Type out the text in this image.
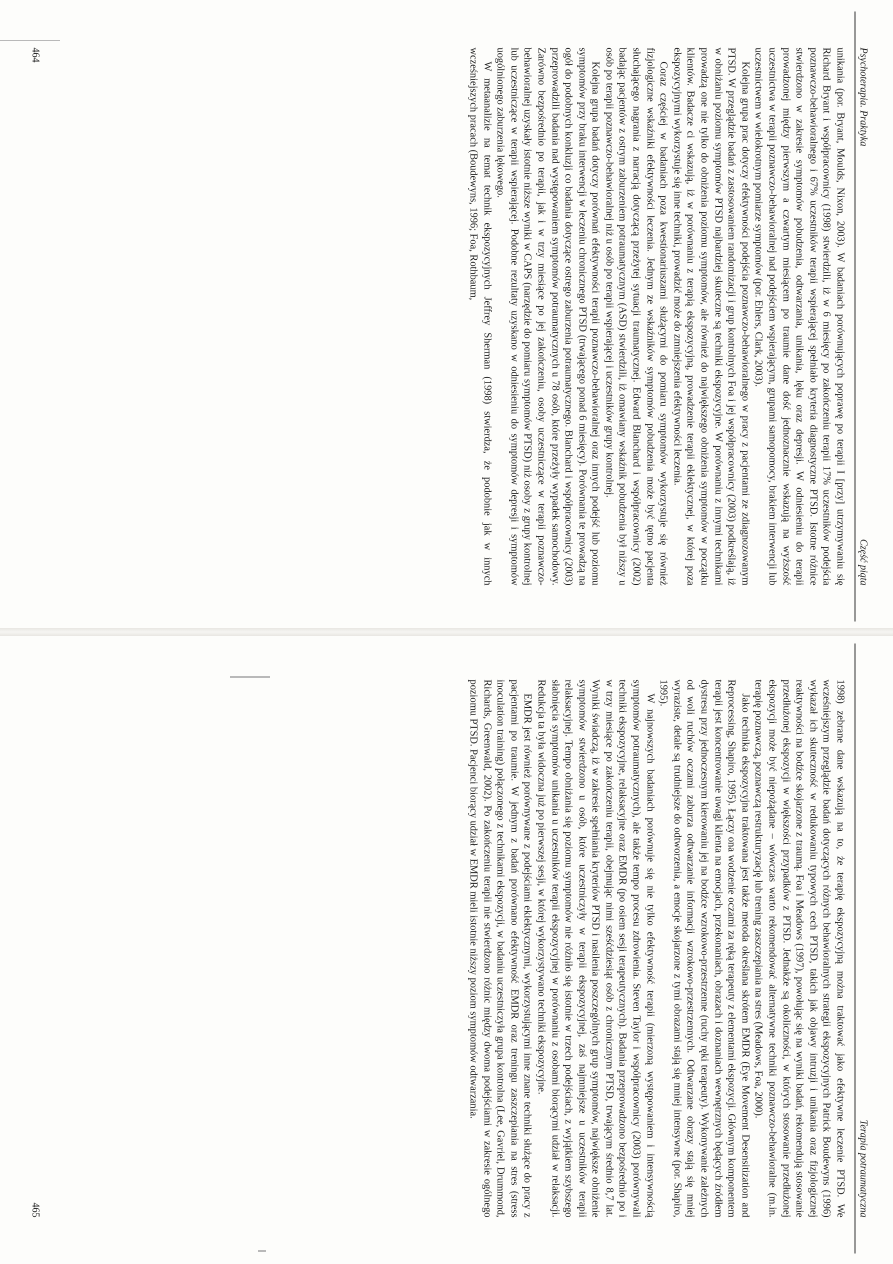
Psychoterapia. Praktyka
Część piąta

unikania (por. Bryant, Moulds, Nixon, 2003). W badaniach porównujących poprawę po terapii I [przy] utrzymywaniu się Richard Bryant i współpracownicy (1998) stwierdzili, iż w 6 miesięcy po zakończeniu terapii 17% uczestników podejścia poznawczo-behawioralnego i 67% uczestników terapii wspierającej spełniało kryteria diagnostyczne PTSD. Istotne różnice stwierdzono w zakresie symptomów pobudzenia, odtwarzania, unikania, lęku oraz depresji. W odniesieniu do terapii prowadzonej między pierwszym a czwartym miesiącem po traumie dane dość jednoznacznie wskazują na wyższość uczestnictwa w terapii poznawczo-behawioralnej nad podejściem wspierającym, grupami samopomocy, brakiem interwencji lub uczestnictwem w wielokrotnym pomiarze symptomów (por. Ehlers, Clark, 2003).

Kolejna grupa prac dotyczy efektywności podejścia poznawczo-behawioralnego w pracy z pacjentami ze zdiagnozowanym PTSD. W przeglądzie badań z zastosowaniem randomizacji i grup kontrolnych Foa i jej współpracownicy (2003) podkreślają, iż w obniżaniu poziomu symptomów PTSD najbardziej skuteczne są techniki ekspozycyjne. W porównaniu z innymi technikami prowadzą one nie tylko do obniżenia poziomu symptomów, ale również do największego obniżenia symptomów w początku klientów. Badacze ci wskazują, iż w porównaniu z terapią ekspozycyjną, prowadzenie terapii eklektycznej, w której poza ekspozycyjnymi wykorzystuje się inne techniki, prowadzić może do zmniejszenia efektywności leczenia.

Coraz częściej w badaniach poza kwestionariuszami służącymi do pomiaru symptomów wykorzystuje się również fizjologiczne wskaźniki efektywności leczenia. Jednym ze wskaźników symptomów pobudzenia może być tętno pacjenta słuchającego nagrania z narracją dotyczącą przeżytej sytuacji traumatycznej. Edward Blanchard i współpracownicy (2002) badając pacjentów z ostrym zaburzeniem potraumatycznym (ASD) stwierdzili, iż omawiany wskaźnik pobudzenia był niższy u osób po terapii poznawczo-behawioralnej niż u osób po terapii wspierającej i uczestników grupy kontrolnej.

Kolejna grupa badań dotyczy porównań efektywności terapii poznawczo-behawioralnej oraz innych podejść lub poziomu symptomów przy braku interwencji w leczeniu chronicznego PTSD (trwającego ponad 6 miesięcy). Porównania te prowadzą na ogół do podobnych konkluzji co badania dotyczące ostrego zaburzenia potraumatycznego. Blanchard i współpracownicy (2003) przeprowadzili badania nad występowaniem symptomów potraumatycznych u 78 osób, które przeżyły wypadek samochodowy. Zarówno bezpośrednio po terapii, jak i w trzy miesiące po jej zakończeniu, osoby uczestniczące w terapii poznawczo-behawioralnej uzyskały istotnie niższe wyniki w CAPS (narzędzie do pomiaru symptomów PTSD) niż osoby z grupy kontrolnej lub uczestniczące w terapii wspierającej. Podobne rezultaty uzyskano w odniesieniu do symptomów depresji i symptomów uogólnionego zaburzenia lękowego.

W metaanalizie na temat technik ekspozycyjnych Jeffrey Sherman (1998) stwierdza, że podobnie jak w innych wcześniejszych pracach (Boudewyns, 1996; Foa, Rothbaum,

464
Terapia potraumatyczna

1998) zebrane dane wskazują na to, że terapię ekspozycyjną można traktować jako efektywne leczenie PTSD. We wcześniejszym przeglądzie badań dotyczących różnych behawioralnych strategii ekspozycyjnych Patrick Boudewyns (1996) wykazał ich skuteczność w redukowaniu typowych cech PTSD, takich jak objawy intruzji i unikania oraz fizjologicznej reaktywności na bodźce skojarzone z traumą. Foa i Meadows (1997), powołując się na wyniki badań, rekomendują stosowanie przedłużonej ekspozycji w większości przypadków z PTSD. Jednakże są okoliczności, w których stosowanie przedłużonej ekspozycji może być niepożądane – wówczas warto rekomendować alternatywne techniki poznawczo-behawioralne (m.in. terapię poznawczą, poznawczą restrukturyzację lub trening zaszczepiania na stres (Meadows, Foa, 2000).

Jako technika ekspozycyjna traktowana jest także metoda określana skrótem EMDR (Eye Movement Desensitization and Reprocessing, Shapiro, 1995). Łączy ona wodzenie oczami za ręką terapeuty z elementami ekspozycji. Głównym komponentem terapii jest koncentrowanie uwagi klienta na emocjach, przekonaniach, obrazach i doznaniach wewnętrznych będących źródłem dystresu przy jednoczesnym kierowaniu jej na bodźce wzrokowo-przestrzenne (ruchy ręki terapeuty). Wykonywanie zależnych od woli ruchów oczami zaburza odtwarzanie informacji wzrokowo-przestrzennych. Odtwarzane obrazy stają się mniej wyraziste, detale są trudniejsze do odtworzenia, a emocje skojarzone z tymi obrazami stają się mniej intensywne (por. Shapiro, 1995).

W najnowszych badaniach porównuje się nie tylko efektywność terapii (mierzoną występowaniem i intensywnością symptomów potraumatycznych), ale także tempo procesu zdrowienia. Steven Taylor i współpracownicy (2003) porównywali techniki ekspozycyjne, relaksacyjne oraz EMDR (po osiem sesji terapeutycznych). Badania przeprowadzono bezpośrednio po i w trzy miesiące po zakończeniu terapii, obejmując nimi sześćdziesiąt osób z chronicznym PTSD, trwającym średnio 8,7 lat. Wyniki świadczą, iż w zakresie spełniania kryteriów PTSD i nasilenia poszczególnych grup symptomów, największe obniżenie symptomów stwierdzono u osób, które uczestniczyły w terapii ekspozycyjnej, zaś najmniejsze u uczestników terapii relaksacyjnej. Tempo obniżania się poziomu symptomów nie różniło się istotnie w trzech podejściach, z wyjątkiem szybszego słabnięcia symptomów unikania u uczestników terapii ekspozycyjnej w porównaniu z osobami biorącymi udział w relaksacji. Redukcja ta była widoczna już po pierwszej sesji, w której wykorzystywano techniki ekspozycyjne.

EMDR jest również porównywane z podejściami eklektycznymi, wykorzystującymi inne znane techniki służące do pracy z pacjentami po traumie. W jednym z badań porównano efektywność EMDR oraz treningu zaszczepiania na stres (stress inoculation training) połączonego z technikami ekspozycji, w badaniu uczestniczyła grupa kontrolna (Lee, Gavriel, Drummond, Richards, Greenwald, 2002). Po zakończeniu terapii nie stwierdzono różnic między dwoma podejściami w zakresie ogólnego poziomu PTSD. Pacjenci biorący udział w EMDR mieli istotnie niższy poziom symptomów odtwarzania.

465
